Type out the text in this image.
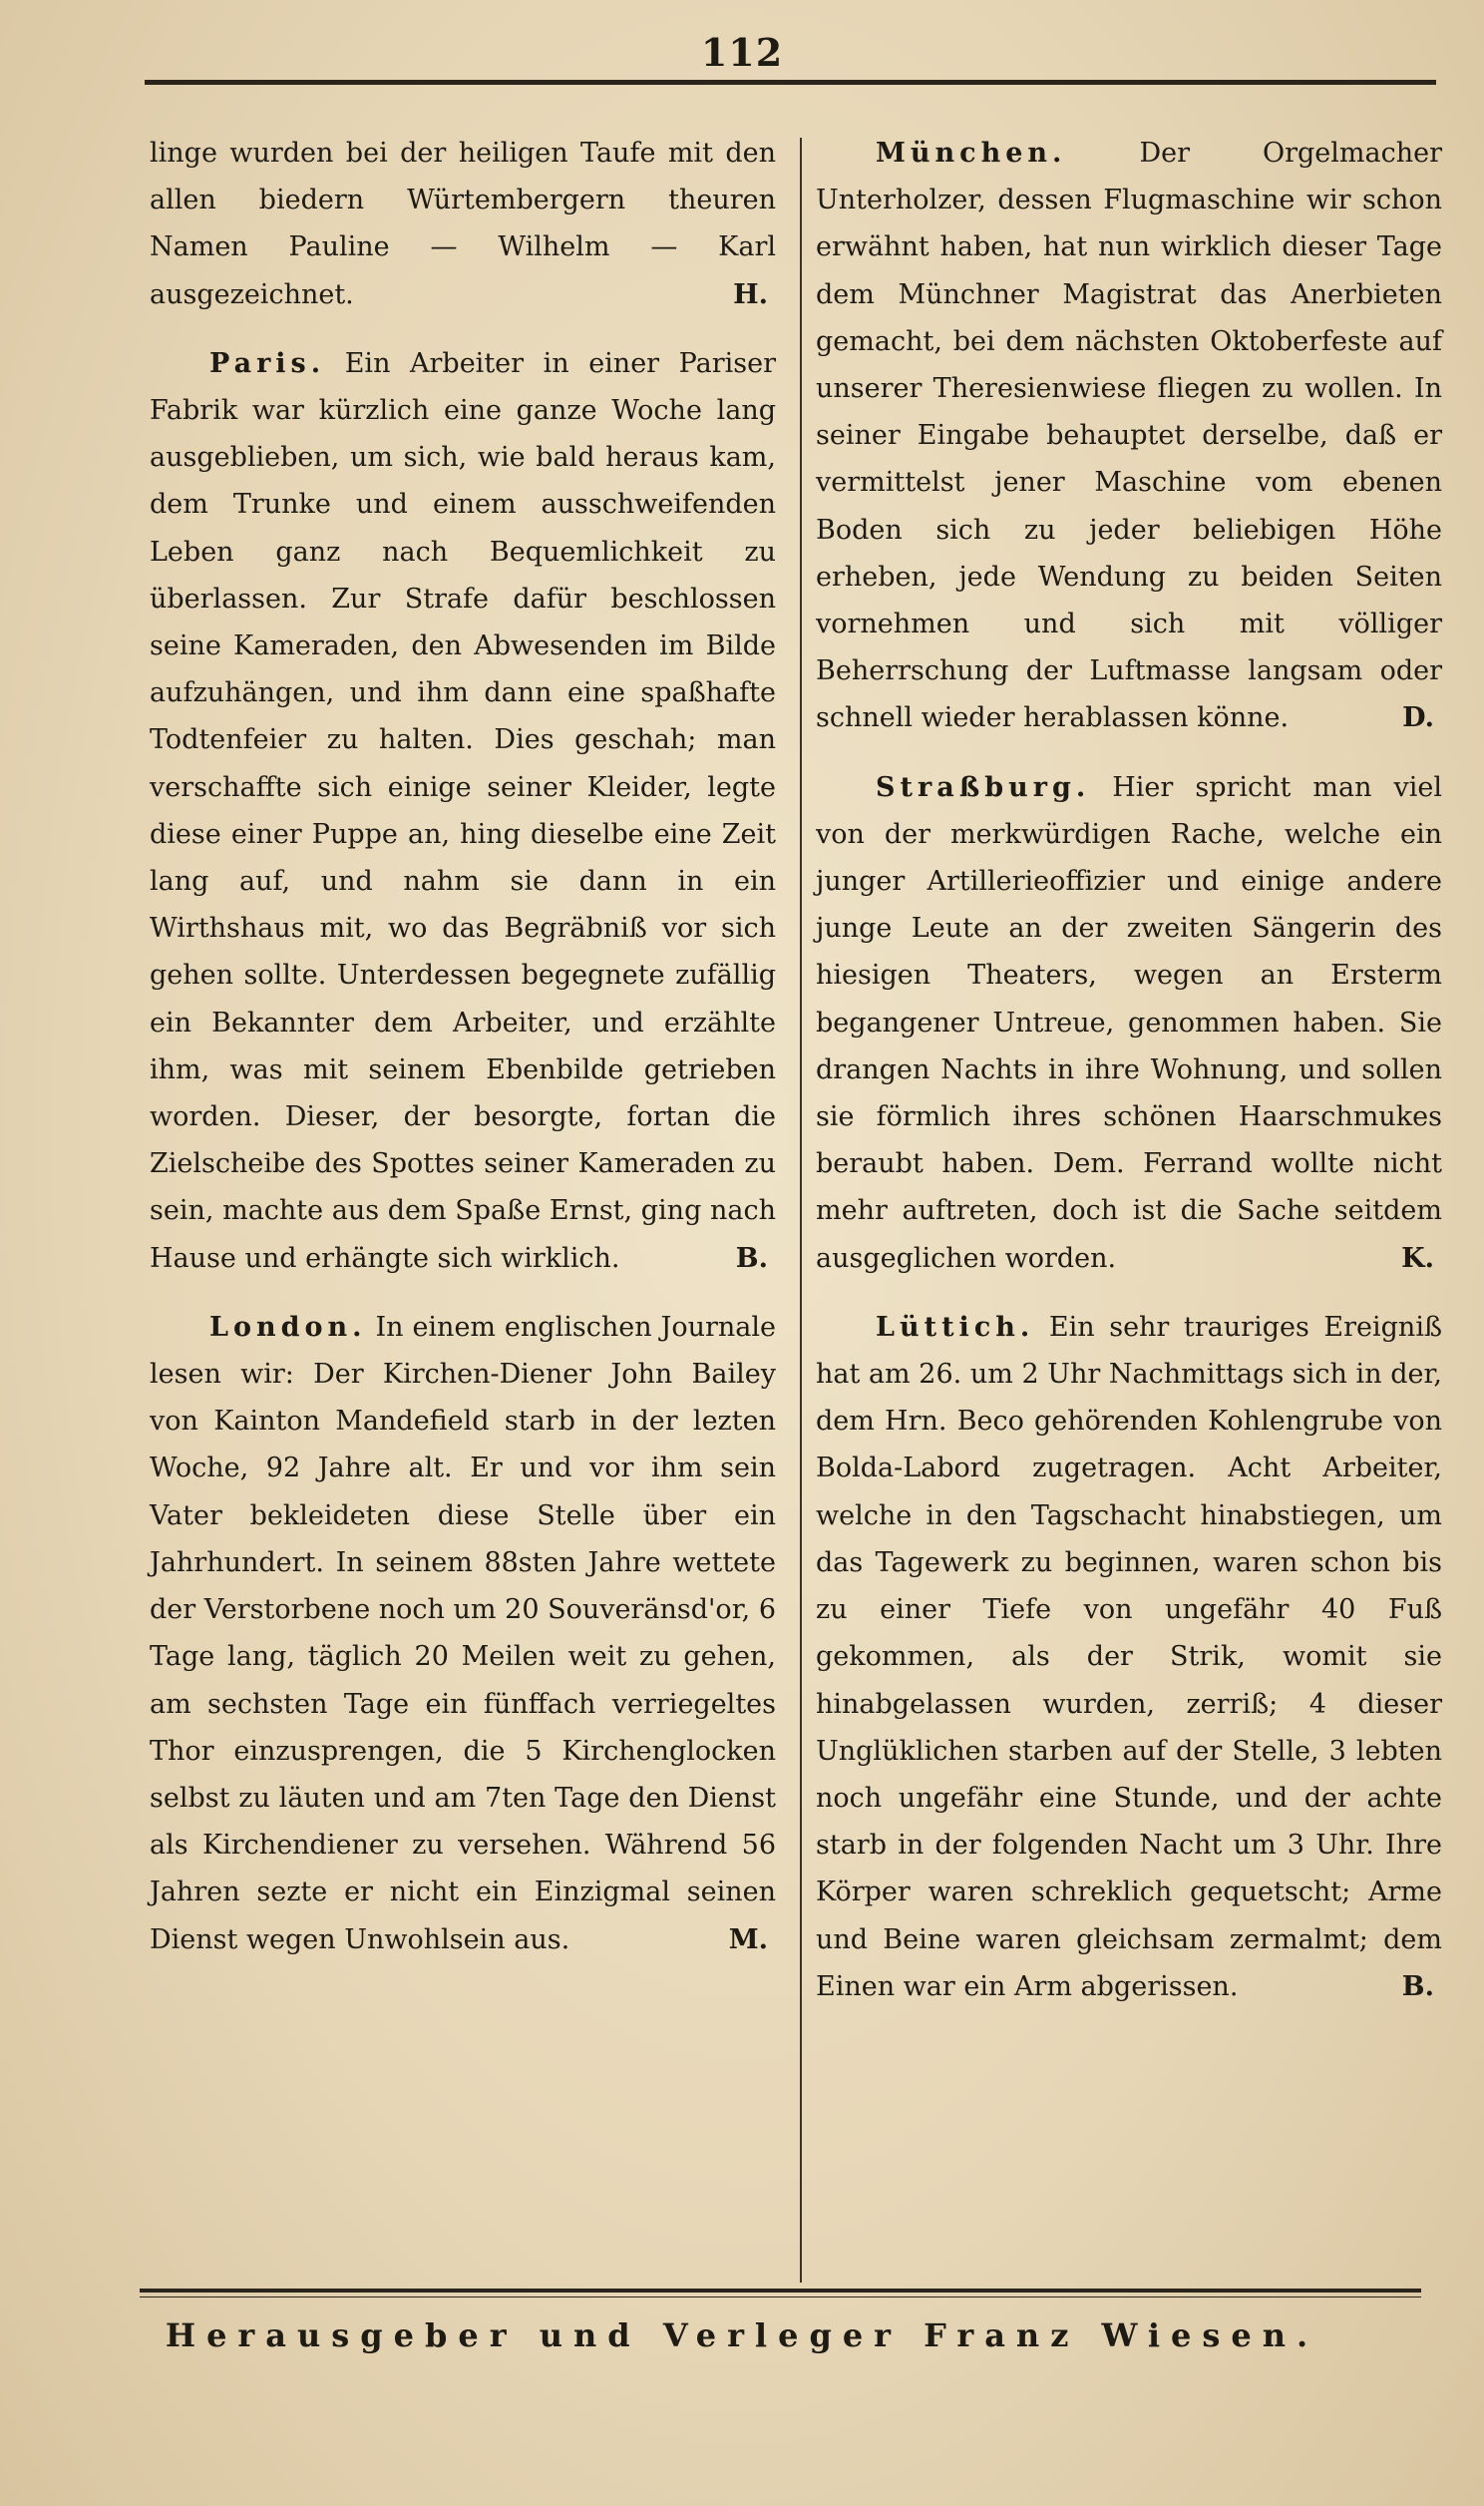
112

linge wurden bei der heiligen Taufe mit den allen biedern Würtembergern theuren Namen Pauline — Wilhelm — Karl ausgezeichnet.	H.

Paris. Ein Arbeiter in einer Pariser Fabrik war kürzlich eine ganze Woche lang ausgeblieben, um sich, wie bald heraus kam, dem Trunke und einem ausschweifenden Leben ganz nach Bequemlichkeit zu überlassen. Zur Strafe dafür beschlossen seine Kameraden, den Abwesenden im Bilde aufzuhängen, und ihm dann eine spaßhafte Todtenfeier zu halten. Dies geschah; man verschaffte sich einige seiner Kleider, legte diese einer Puppe an, hing dieselbe eine Zeit lang auf, und nahm sie dann in ein Wirthshaus mit, wo das Begräbniß vor sich gehen sollte. Unterdessen begegnete zufällig ein Bekannter dem Arbeiter, und erzählte ihm, was mit seinem Ebenbilde getrieben worden. Dieser, der besorgte, fortan die Zielscheibe des Spottes seiner Kameraden zu sein, machte aus dem Spaße Ernst, ging nach Hause und erhängte sich wirklich.	B.

London. In einem englischen Journale lesen wir: Der Kirchen-Diener John Bailey von Kainton Mandefield starb in der lezten Woche, 92 Jahre alt. Er und vor ihm sein Vater bekleideten diese Stelle über ein Jahrhundert. In seinem 88sten Jahre wettete der Verstorbene noch um 20 Souveränsd'or, 6 Tage lang, täglich 20 Meilen weit zu gehen, am sechsten Tage ein fünffach verriegeltes Thor einzusprengen, die 5 Kirchenglocken selbst zu läuten und am 7ten Tage den Dienst als Kirchendiener zu versehen. Während 56 Jahren sezte er nicht ein Einzigmal seinen Dienst wegen Unwohlsein aus.	M.

München.	Der Orgelmacher Unterholzer, dessen Flugmaschine wir schon erwähnt haben, hat nun wirklich dieser Tage dem Münchner Magistrat das Anerbieten gemacht, bei dem nächsten Oktoberfeste auf unserer Theresienwiese fliegen zu wollen. In seiner Eingabe behauptet derselbe, daß er vermittelst jener Maschine vom ebenen Boden sich zu jeder beliebigen Höhe erheben, jede Wendung zu beiden Seiten vornehmen und sich mit völliger Beherrschung der Luftmasse langsam oder schnell wieder herablassen könne.	D.

Straßburg. Hier spricht man viel von der merkwürdigen Rache, welche ein junger Artillerieoffizier und einige andere junge Leute an der zweiten Sängerin des hiesigen Theaters, wegen an Ersterm begangener Untreue, genommen haben. Sie drangen Nachts in ihre Wohnung, und sollen sie förmlich ihres schönen Haarschmukes beraubt haben. Dem. Ferrand wollte nicht mehr auftreten, doch ist die Sache seitdem ausgeglichen worden.	K.

Lüttich. Ein sehr trauriges Ereigniß hat am 26. um 2 Uhr Nachmittags sich in der, dem Hrn. Beco gehörenden Kohlengrube von Bolda-Labord zugetragen. Acht Arbeiter, welche in den Tagschacht hinabstiegen, um das Tagewerk zu beginnen, waren schon bis zu einer Tiefe von ungefähr 40 Fuß gekommen, als der Strik, womit sie hinabgelassen wurden, zerriß; 4 dieser Unglüklichen starben auf der Stelle, 3 lebten noch ungefähr eine Stunde, und der achte starb in der folgenden Nacht um 3 Uhr. Ihre Körper waren schreklich gequetscht; Arme und Beine waren gleichsam zermalmt; dem Einen war ein Arm abgerissen.	B.

Herausgeber und Verleger Franz Wiesen.
